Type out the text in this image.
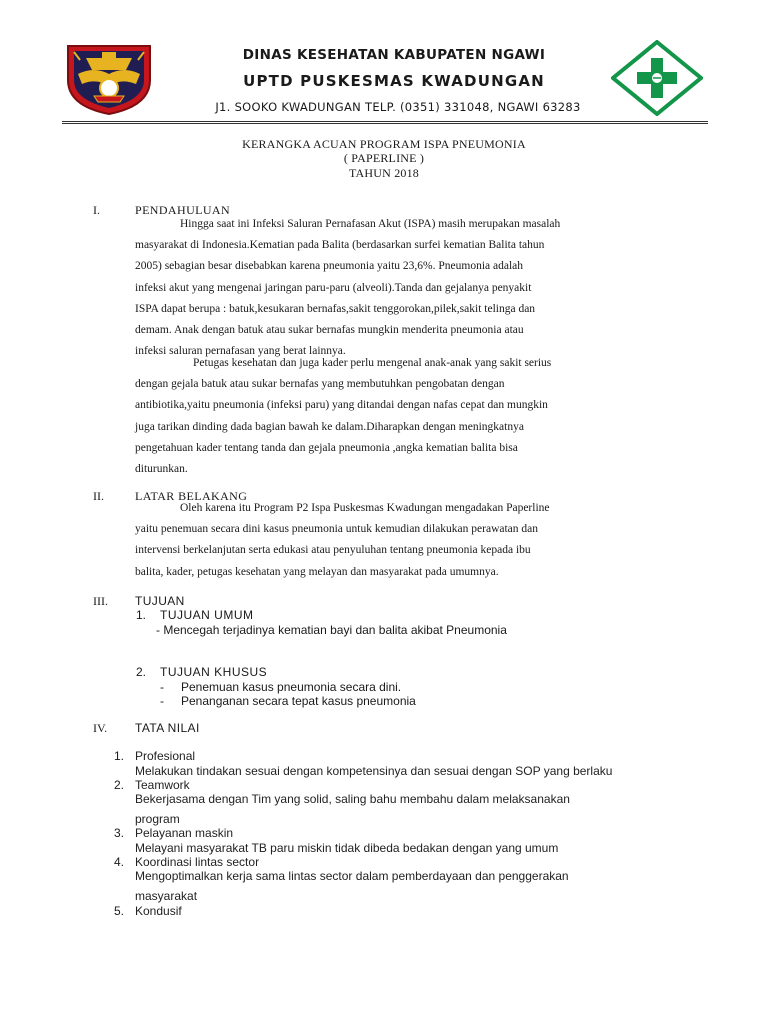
DINAS KESEHATAN KABUPATEN NGAWI
UPTD PUSKESMAS KWADUNGAN
J1. SOOKO KWADUNGAN TELP. (0351) 331048, NGAWI 63283
KERANGKA ACUAN PROGRAM ISPA PNEUMONIA
( PAPERLINE )
TAHUN 2018
I.	PENDAHULUAN
Hingga saat ini Infeksi Saluran Pernafasan Akut (ISPA) masih merupakan masalah
masyarakat di Indonesia.Kematian pada Balita (berdasarkan surfei kematian Balita tahun
2005) sebagian besar disebabkan karena pneumonia yaitu 23,6%. Pneumonia adalah
infeksi akut yang mengenai jaringan paru-paru (alveoli).Tanda dan gejalanya penyakit
ISPA dapat berupa : batuk,kesukaran bernafas,sakit tenggorokan,pilek,sakit telinga dan
demam. Anak dengan batuk atau sukar bernafas mungkin menderita pneumonia atau
infeksi saluran pernafasan yang berat lainnya.
Petugas kesehatan dan juga kader perlu mengenal anak-anak yang sakit serius
dengan gejala batuk atau sukar bernafas yang membutuhkan pengobatan dengan
antibiotika,yaitu pneumonia (infeksi paru) yang ditandai dengan nafas cepat dan mungkin
juga tarikan dinding dada bagian bawah ke dalam.Diharapkan dengan meningkatnya
pengetahuan kader tentang tanda dan gejala pneumonia ,angka kematian balita bisa
diturunkan.
II.	LATAR BELAKANG
Oleh karena itu Program P2 Ispa Puskesmas Kwadungan mengadakan Paperline
yaitu penemuan secara dini kasus pneumonia untuk kemudian dilakukan perawatan dan
intervensi berkelanjutan serta edukasi atau penyuluhan tentang pneumonia kepada ibu
balita, kader, petugas kesehatan yang melayan dan masyarakat pada umumnya.
III. TUJUAN
1. TUJUAN UMUM
- Mencegah terjadinya kematian bayi dan balita akibat Pneumonia
2. TUJUAN KHUSUS
- Penemuan kasus pneumonia secara dini.
- Penanganan secara tepat kasus pneumonia
IV. TATA NILAI
1. Profesional
Melakukan tindakan sesuai dengan kompetensinya dan sesuai dengan SOP yang berlaku
2. Teamwork
Bekerjasama dengan Tim yang solid, saling bahu membahu dalam melaksanakan
program
3. Pelayanan maskin
Melayani masyarakat TB paru miskin tidak dibeda bedakan dengan yang umum
4. Koordinasi lintas sector
Mengoptimalkan kerja sama lintas sector dalam pemberdayaan dan penggerakan
masyarakat
5. Kondusif
